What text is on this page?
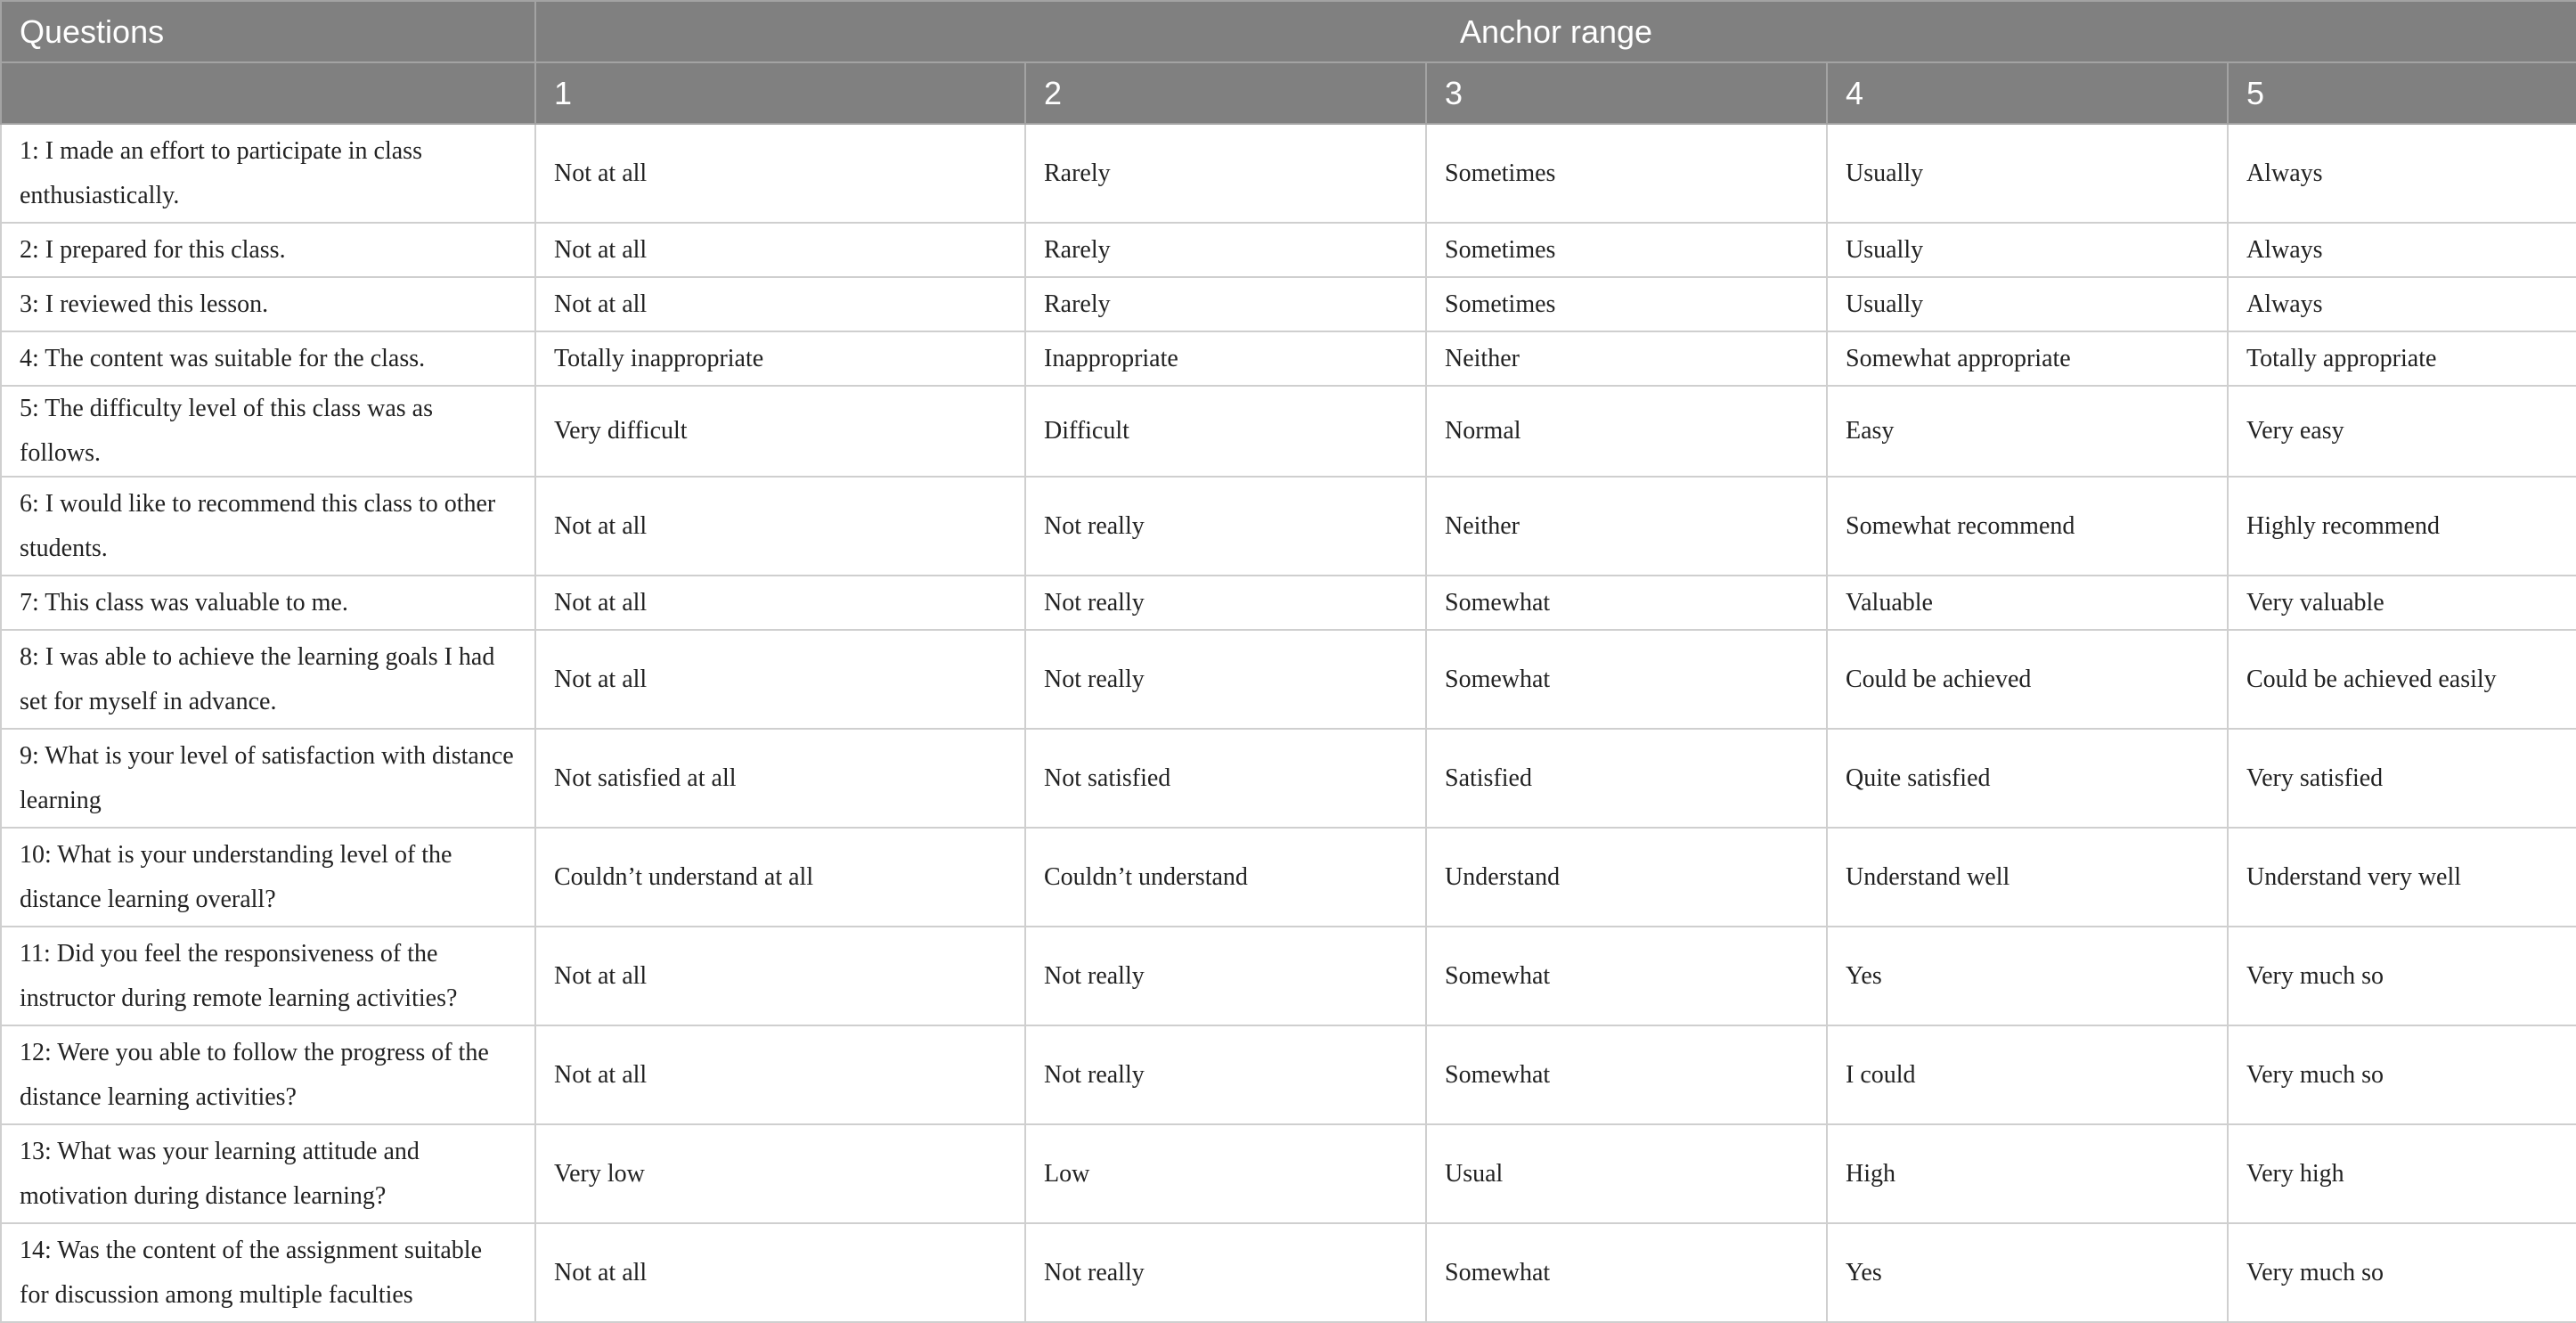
Questions	Anchor range				
	1	2	3	4	5
1: I made an effort to participate in class enthusiastically.	Not at all	Rarely	Sometimes	Usually	Always
2: I prepared for this class.	Not at all	Rarely	Sometimes	Usually	Always
3: I reviewed this lesson.	Not at all	Rarely	Sometimes	Usually	Always
4: The content was suitable for the class.	Totally inappropriate	Inappropriate	Neither	Somewhat appropriate	Totally appropriate
5: The difficulty level of this class was as follows.	Very difficult	Difficult	Normal	Easy	Very easy
6: I would like to recommend this class to other students.	Not at all	Not really	Neither	Somewhat recommend	Highly recommend
7: This class was valuable to me.	Not at all	Not really	Somewhat	Valuable	Very valuable
8: I was able to achieve the learning goals I had set for myself in advance.	Not at all	Not really	Somewhat	Could be achieved	Could be achieved easily
9: What is your level of satisfaction with distance learning	Not satisfied at all	Not satisfied	Satisfied	Quite satisfied	Very satisfied
10: What is your understanding level of the distance learning overall?	Couldn’t understand at all	Couldn’t understand	Understand	Understand well	Understand very well
11: Did you feel the responsiveness of the instructor during remote learning activities?	Not at all	Not really	Somewhat	Yes	Very much so
12: Were you able to follow the progress of the distance learning activities?	Not at all	Not really	Somewhat	I could	Very much so
13: What was your learning attitude and motivation during distance learning?	Very low	Low	Usual	High	Very high
14: Was the content of the assignment suitable for discussion among multiple faculties	Not at all	Not really	Somewhat	Yes	Very much so
